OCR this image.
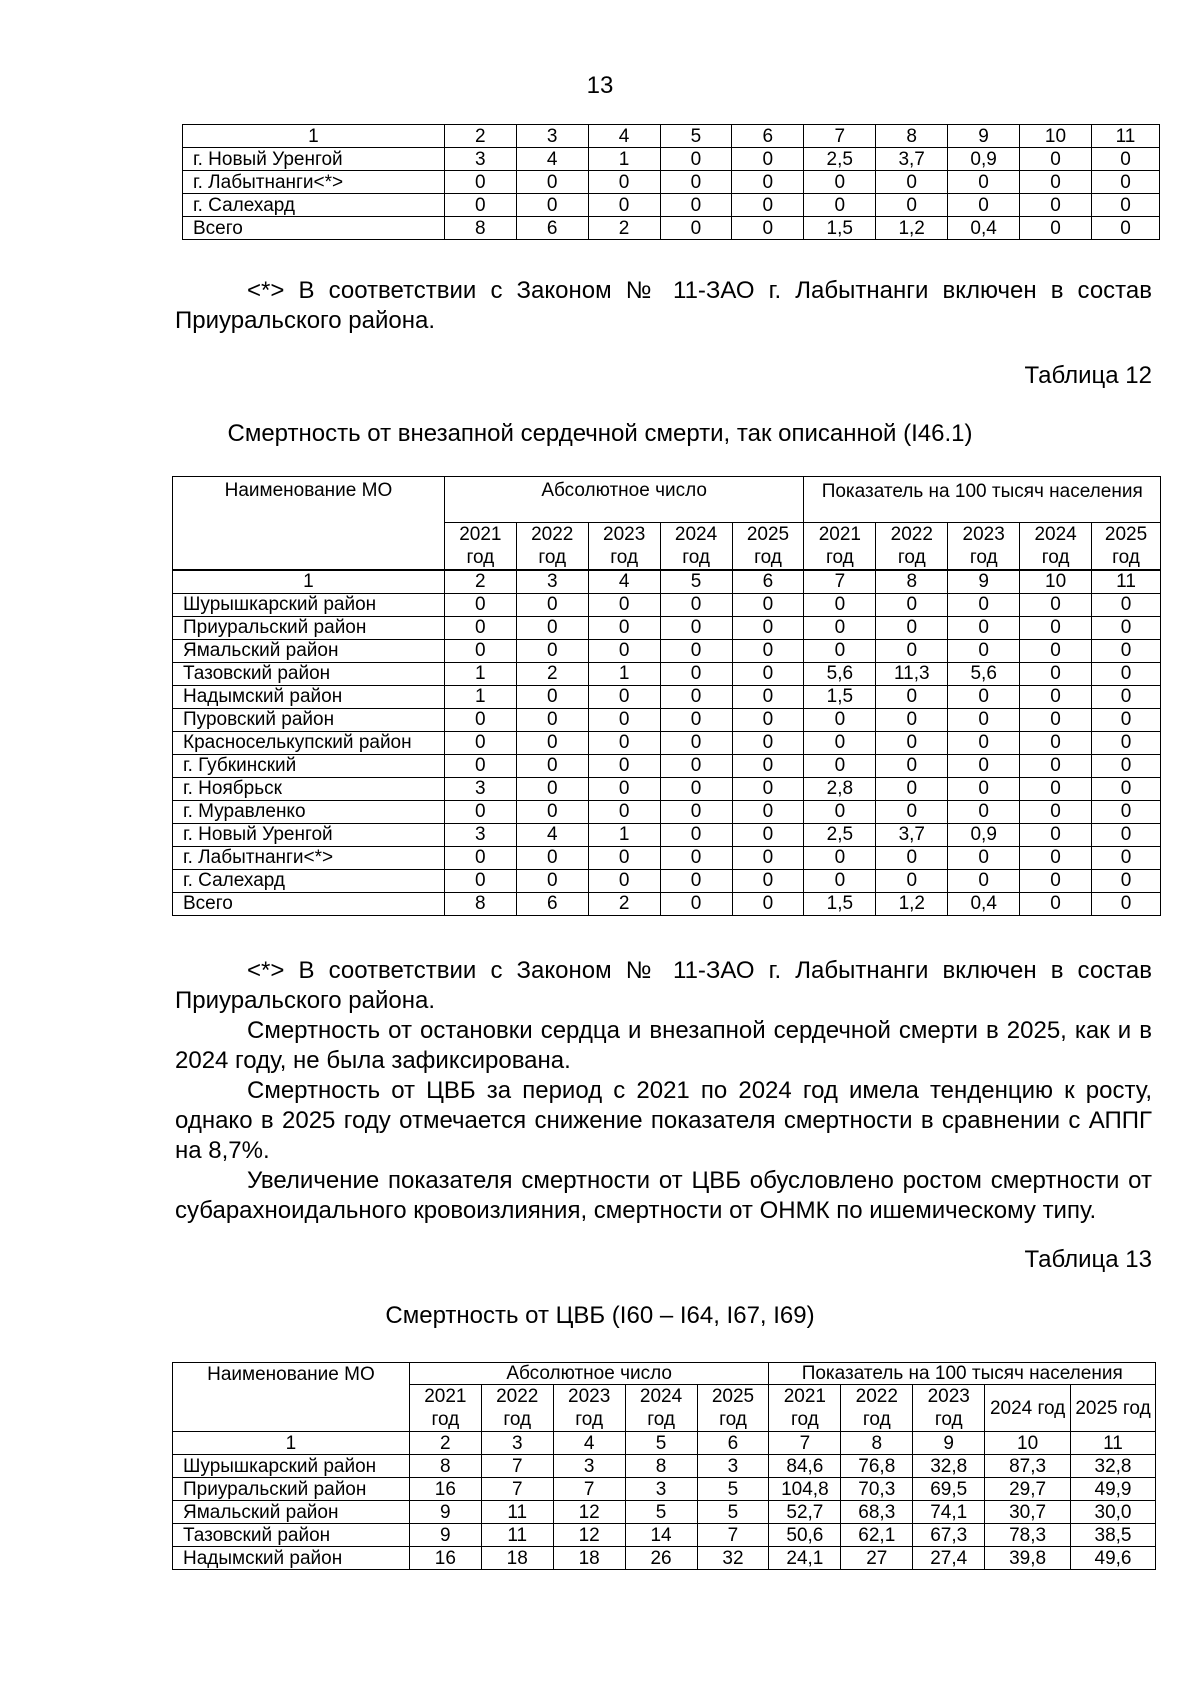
13
1	2	3	4	5	6	7	8	9	10	11
г. Новый Уренгой	3	4	1	0	0	2,5	3,7	0,9	0	0
г. Лабытнанги<*>	0	0	0	0	0	0	0	0	0	0
г. Салехард	0	0	0	0	0	0	0	0	0	0
Всего	8	6	2	0	0	1,5	1,2	0,4	0	0
<*> В соответствии с Законом № 11-ЗАО г. Лабытнанги включен в состав Приуральского района.
Таблица 12
Смертность от внезапной сердечной смерти, так описанной (I46.1)
Наименование МО	Абсолютное число					Показатель на 100 тысяч населения				
	2021 год	2022 год	2023 год	2024 год	2025 год	2021 год	2022 год	2023 год	2024 год	2025 год
1	2	3	4	5	6	7	8	9	10	11
Шурышкарский район	0	0	0	0	0	0	0	0	0	0
Приуральский район	0	0	0	0	0	0	0	0	0	0
Ямальский район	0	0	0	0	0	0	0	0	0	0
Тазовский район	1	2	1	0	0	5,6	11,3	5,6	0	0
Надымский район	1	0	0	0	0	1,5	0	0	0	0
Пуровский район	0	0	0	0	0	0	0	0	0	0
Красноселькупский район	0	0	0	0	0	0	0	0	0	0
г. Губкинский	0	0	0	0	0	0	0	0	0	0
г. Ноябрьск	3	0	0	0	0	2,8	0	0	0	0
г. Муравленко	0	0	0	0	0	0	0	0	0	0
г. Новый Уренгой	3	4	1	0	0	2,5	3,7	0,9	0	0
г. Лабытнанги<*>	0	0	0	0	0	0	0	0	0	0
г. Салехард	0	0	0	0	0	0	0	0	0	0
Всего	8	6	2	0	0	1,5	1,2	0,4	0	0
<*> В соответствии с Законом № 11-ЗАО г. Лабытнанги включен в состав Приуральского района.
Смертность от остановки сердца и внезапной сердечной смерти в 2025, как и в 2024 году, не была зафиксирована.
Смертность от ЦВБ за период с 2021 по 2024 год имела тенденцию к росту, однако в 2025 году отмечается снижение показателя смертности в сравнении с АППГ на 8,7%.
Увеличение показателя смертности от ЦВБ обусловлено ростом смертности от субарахноидального кровоизлияния, смертности от ОНМК по ишемическому типу.
Таблица 13
Смертность от ЦВБ (I60 – I64, I67, I69)
Наименование МО	Абсолютное число					Показатель на 100 тысяч населения				
	2021 год	2022 год	2023 год	2024 год	2025 год	2021 год	2022 год	2023 год	2024 год	2025 год
1	2	3	4	5	6	7	8	9	10	11
Шурышкарский район	8	7	3	8	3	84,6	76,8	32,8	87,3	32,8
Приуральский район	16	7	7	3	5	104,8	70,3	69,5	29,7	49,9
Ямальский район	9	11	12	5	5	52,7	68,3	74,1	30,7	30,0
Тазовский район	9	11	12	14	7	50,6	62,1	67,3	78,3	38,5
Надымский район	16	18	18	26	32	24,1	27	27,4	39,8	49,6
